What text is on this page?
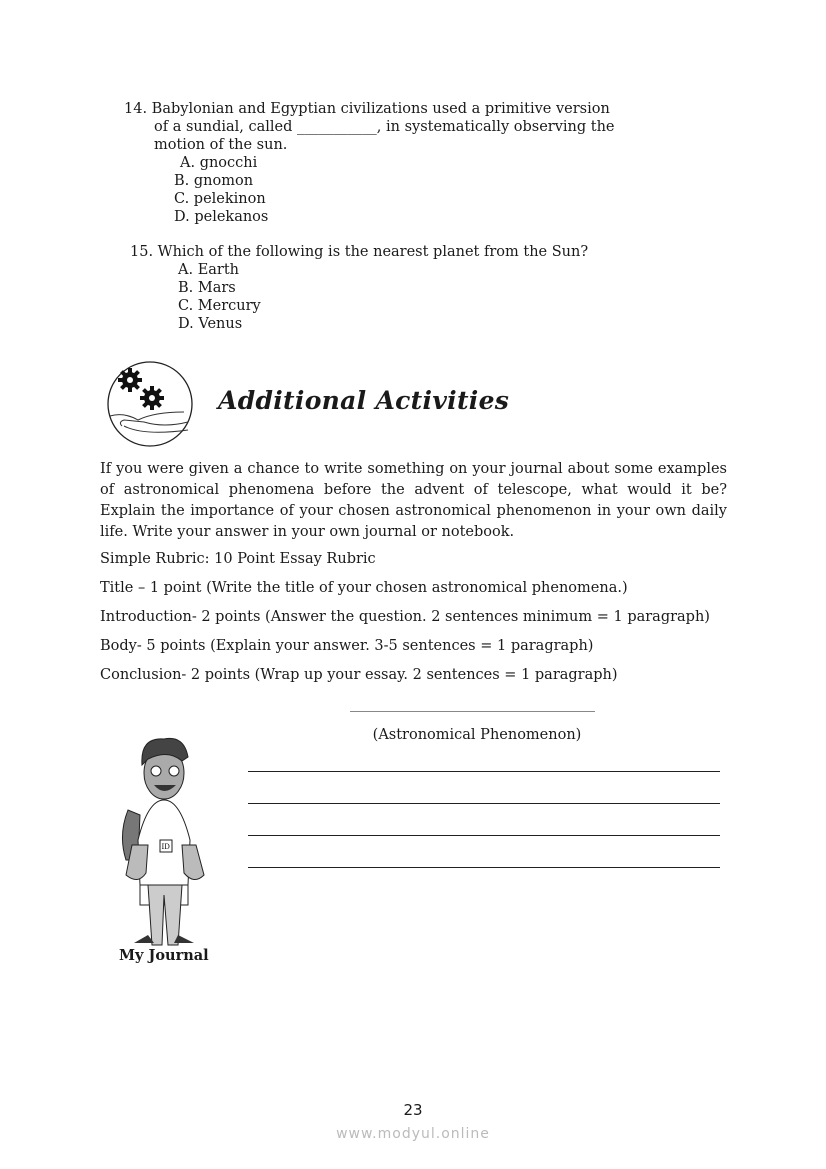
14. Babylonian and Egyptian civilizations used a primitive version
of a sundial, called ___________, in systematically observing the
motion of the sun.
A. gnocchi
B. gnomon
C. pelekinon
D. pelekanos
15. Which of the following is the nearest planet from the Sun?
A. Earth
B. Mars
C. Mercury
D. Venus
Additional Activities
If you were given a chance to write something on your journal about some examples of astronomical phenomena before the advent of telescope, what would it be? Explain the importance of your chosen astronomical phenomenon in your own daily life. Write your answer in your own journal or notebook.
Simple Rubric: 10 Point Essay Rubric
Title – 1 point (Write the title of your chosen astronomical phenomena.)
Introduction- 2 points (Answer the question. 2 sentences minimum = 1 paragraph)
Body- 5 points (Explain your answer. 3-5 sentences = 1 paragraph)
Conclusion- 2 points (Wrap up your essay. 2 sentences = 1 paragraph)
(Astronomical Phenomenon)
ID
My Journal
23
www.modyul.online
